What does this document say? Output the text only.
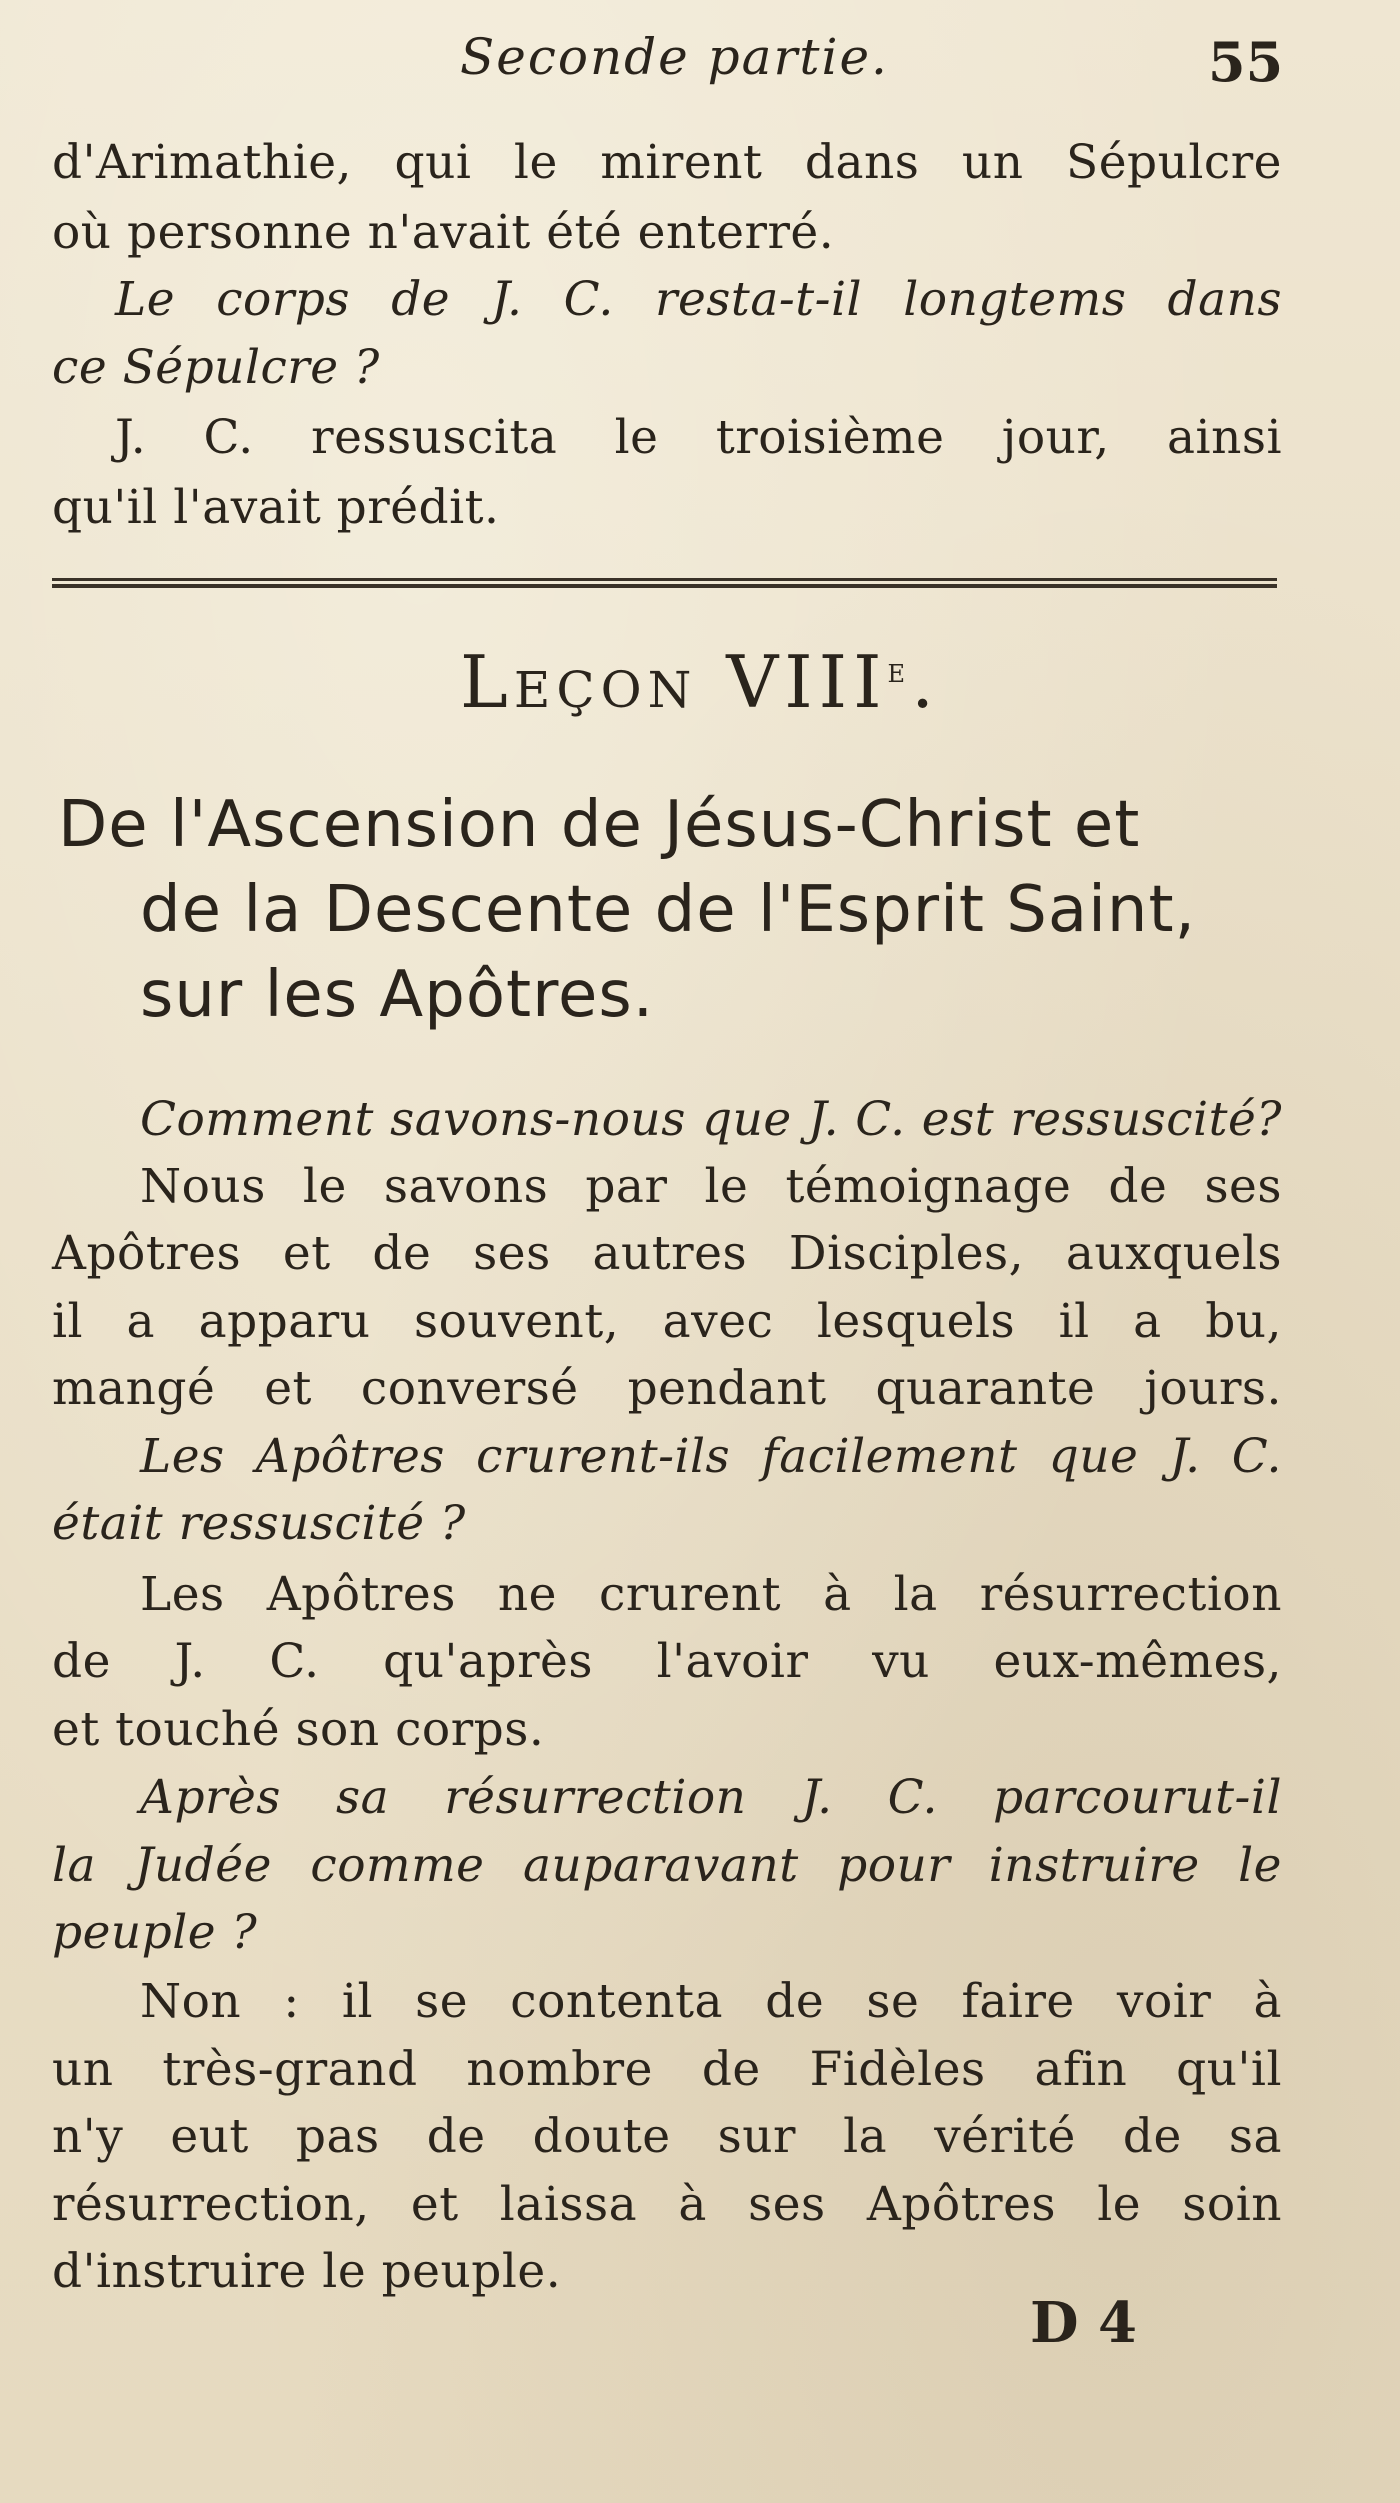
Seconde partie.	55
d'Arimathie, qui le mirent dans un Sépulcre
où personne n'avait été enterré.
Le corps de J. C. resta-t-il longtems dans
ce Sépulcre ?
J. C. ressuscita le troisième jour, ainsi
qu'il l'avait prédit.
Leçon VIIIe.
De l'Ascension de Jésus-Christ et
de la Descente de l'Esprit Saint,
sur les Apôtres.
Comment savons-nous que J. C. est ressuscité?
Nous le savons par le témoignage de ses
Apôtres et de ses autres Disciples, auxquels
il a apparu souvent, avec lesquels il a bu,
mangé et conversé pendant quarante jours.
Les Apôtres crurent-ils facilement que J. C.
était ressuscité ?
Les Apôtres ne crurent à la résurrection
de J. C. qu'après l'avoir vu eux-mêmes,
et touché son corps.
Après sa résurrection J. C. parcourut-il
la Judée comme auparavant pour instruire le
peuple ?
Non : il se contenta de se faire voir à
un très-grand nombre de Fidèles afin qu'il
n'y eut pas de doute sur la vérité de sa
résurrection, et laissa à ses Apôtres le soin
d'instruire le peuple.
D 4
